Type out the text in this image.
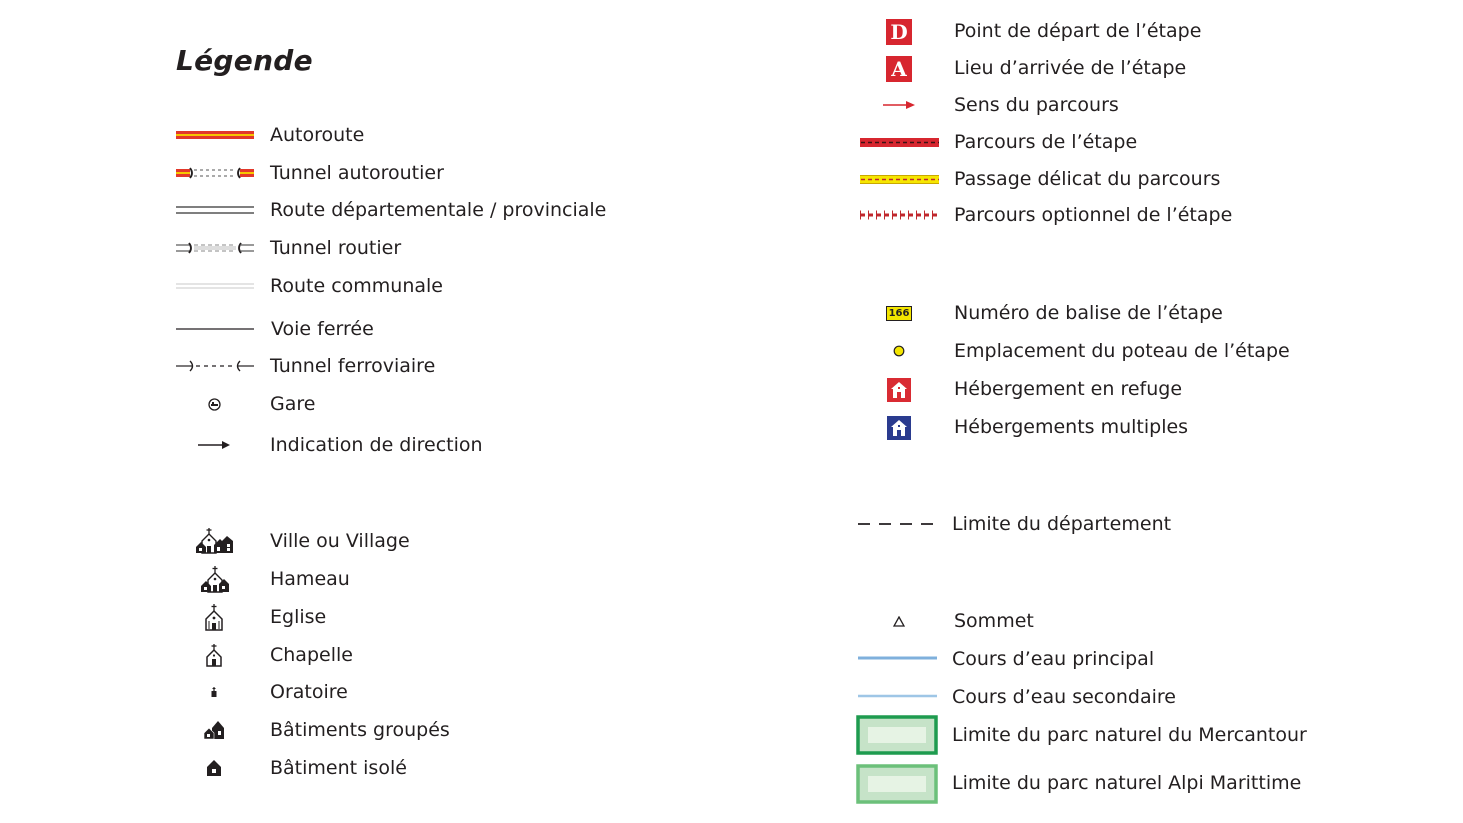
Légende
Autoroute
Tunnel autoroutier
Route départementale / provinciale
Tunnel routier
Route communale
Voie ferrée
Tunnel ferroviaire
Gare
Indication de direction
Ville ou Village
Hameau
Eglise
Chapelle
Oratoire
Bâtiments groupés
Bâtiment isolé
D Point de départ de l’étape
A Lieu d’arrivée de l’étape
Sens du parcours
Parcours de l’étape
Passage délicat du parcours
Parcours optionnel de l’étape
166 Numéro de balise de l’étape
Emplacement du poteau de l’étape
Hébergement en refuge
Hébergements multiples
Limite du département
Sommet
Cours d’eau principal
Cours d’eau secondaire
Limite du parc naturel du Mercantour
Limite du parc naturel Alpi Marittime
